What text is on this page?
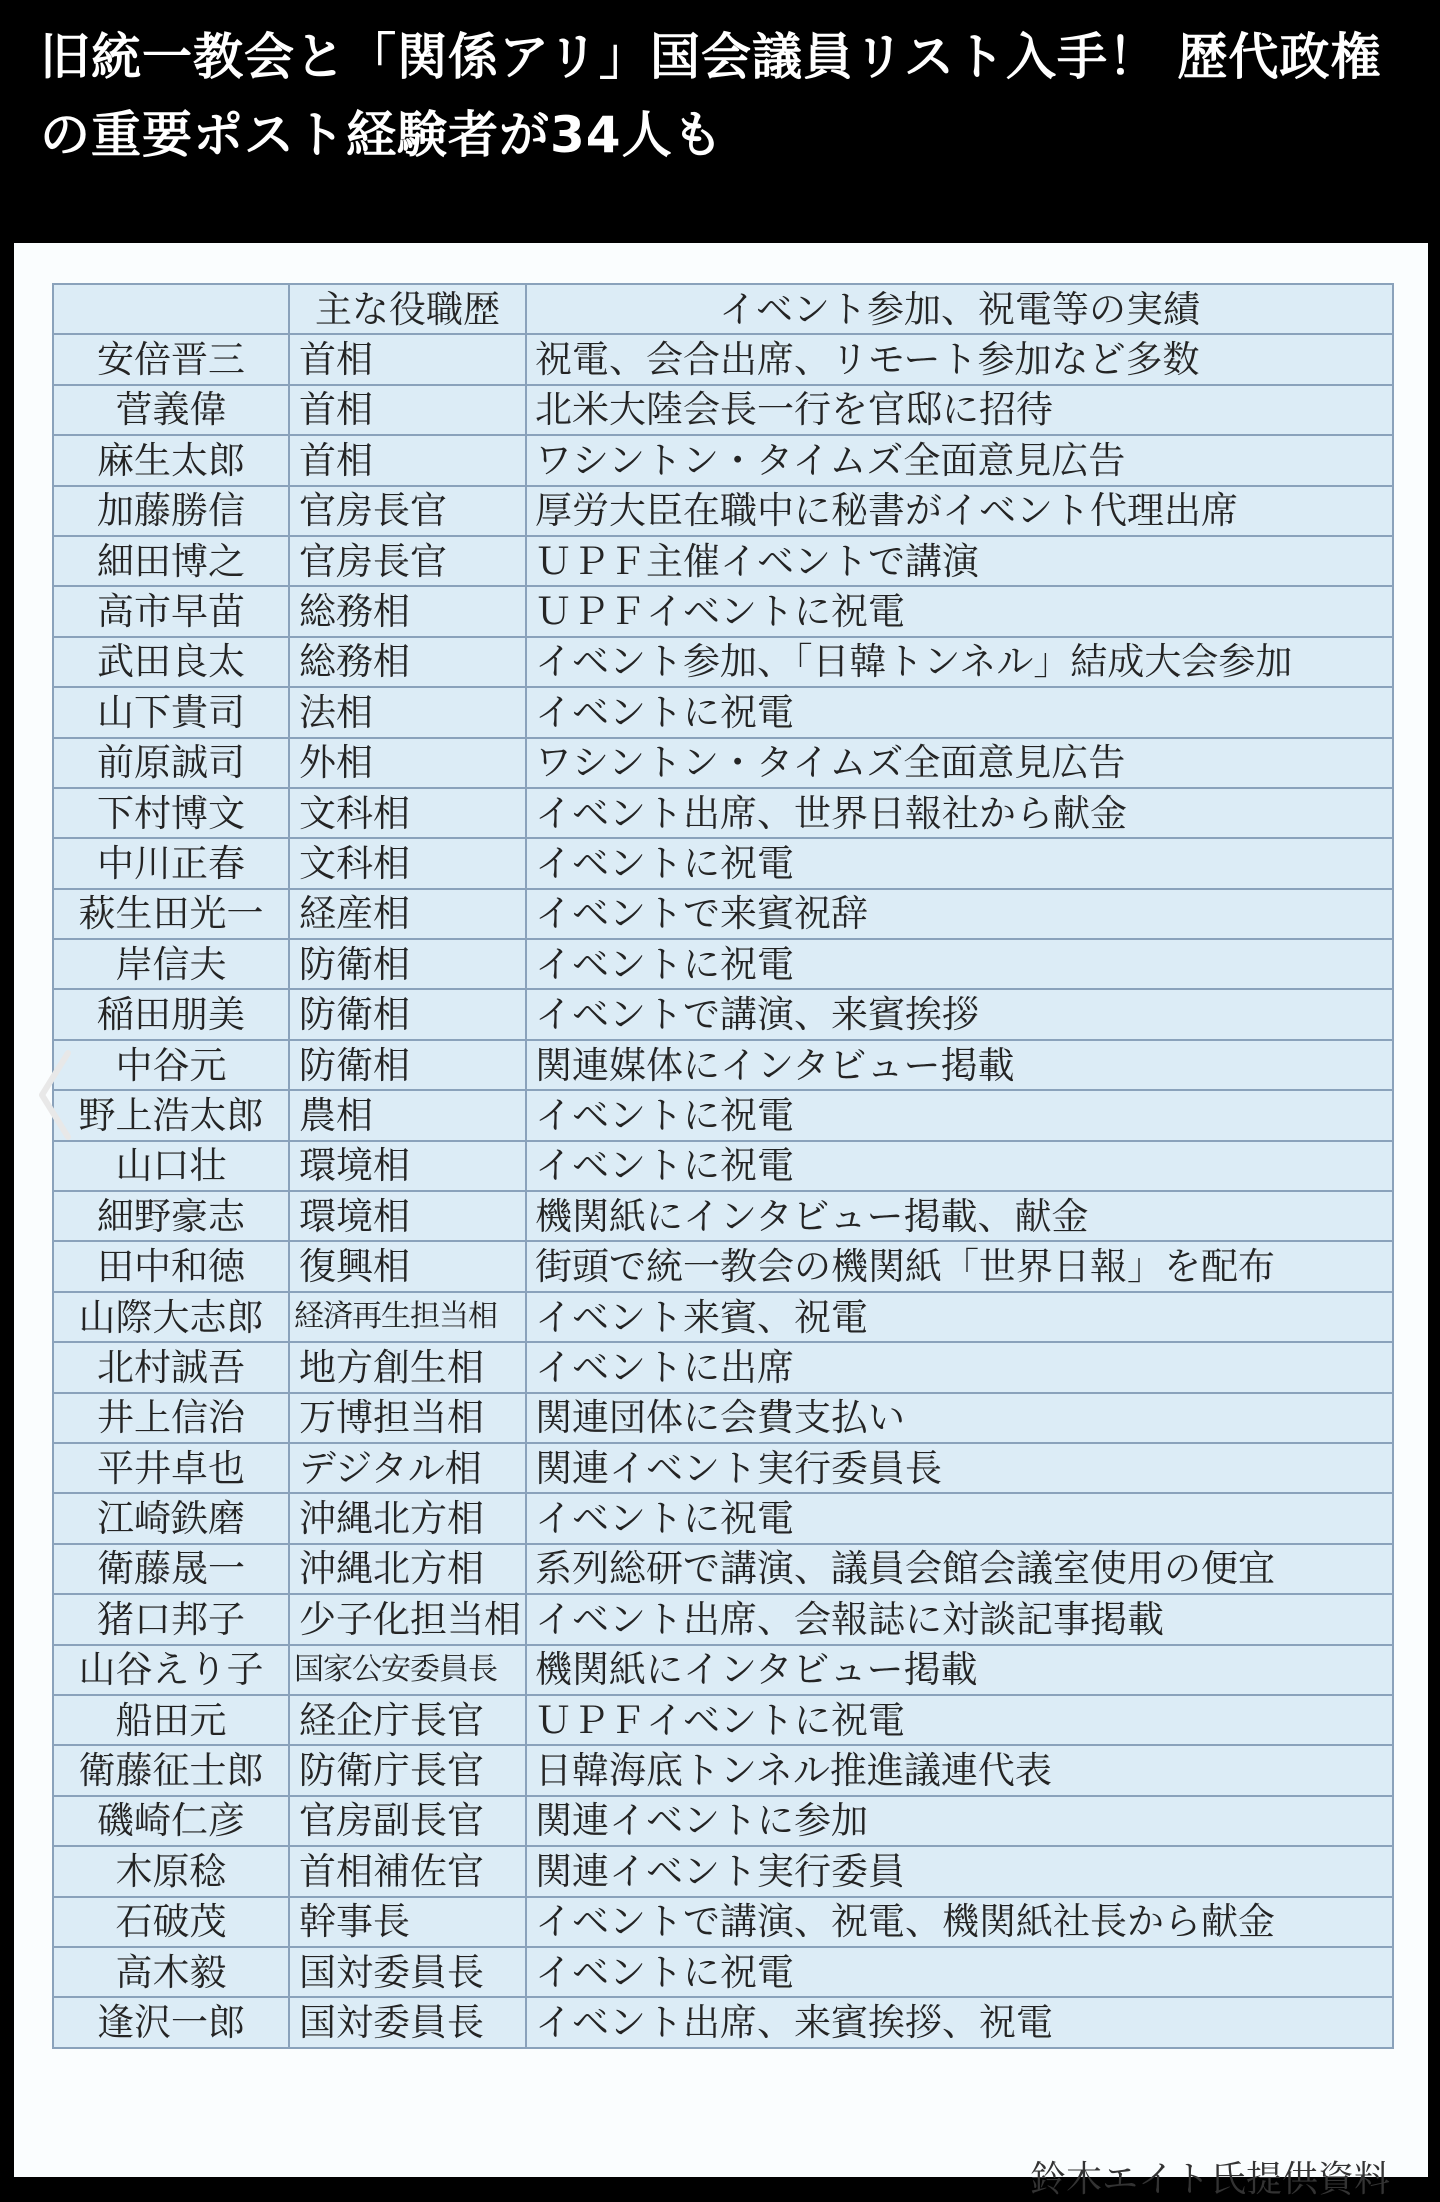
旧統一教会と「関係アリ」国会議員リスト入手！ 歴代政権の重要ポスト経験者が34人も
	主な役職歴	イベント参加、祝電等の実績
安倍晋三	首相	祝電、会合出席、リモート参加など多数
菅義偉	首相	北米大陸会長一行を官邸に招待
麻生太郎	首相	ワシントン・タイムズ全面意見広告
加藤勝信	官房長官	厚労大臣在職中に秘書がイベント代理出席
細田博之	官房長官	ＵＰＦ主催イベントで講演
高市早苗	総務相	ＵＰＦイベントに祝電
武田良太	総務相	イベント参加、「日韓トンネル」結成大会参加
山下貴司	法相	イベントに祝電
前原誠司	外相	ワシントン・タイムズ全面意見広告
下村博文	文科相	イベント出席、世界日報社から献金
中川正春	文科相	イベントに祝電
萩生田光一	経産相	イベントで来賓祝辞
岸信夫	防衛相	イベントに祝電
稲田朋美	防衛相	イベントで講演、来賓挨拶
中谷元	防衛相	関連媒体にインタビュー掲載
野上浩太郎	農相	イベントに祝電
山口壮	環境相	イベントに祝電
細野豪志	環境相	機関紙にインタビュー掲載、献金
田中和徳	復興相	街頭で統一教会の機関紙「世界日報」を配布
山際大志郎	経済再生担当相	イベント来賓、祝電
北村誠吾	地方創生相	イベントに出席
井上信治	万博担当相	関連団体に会費支払い
平井卓也	デジタル相	関連イベント実行委員長
江崎鉄磨	沖縄北方相	イベントに祝電
衛藤晟一	沖縄北方相	系列総研で講演、議員会館会議室使用の便宜
猪口邦子	少子化担当相	イベント出席、会報誌に対談記事掲載
山谷えり子	国家公安委員長	機関紙にインタビュー掲載
船田元	経企庁長官	ＵＰＦイベントに祝電
衛藤征士郎	防衛庁長官	日韓海底トンネル推進議連代表
磯崎仁彦	官房副長官	関連イベントに参加
木原稔	首相補佐官	関連イベント実行委員
石破茂	幹事長	イベントで講演、祝電、機関紙社長から献金
高木毅	国対委員長	イベントに祝電
逢沢一郎	国対委員長	イベント出席、来賓挨拶、祝電
鈴木エイト氏提供資料
